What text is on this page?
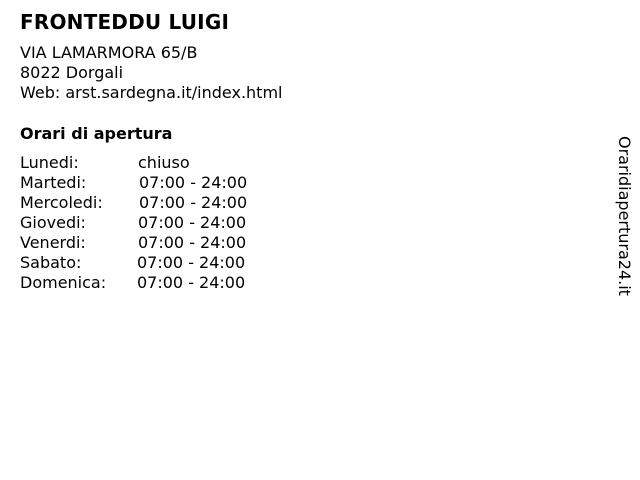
FRONTEDDU LUIGI
VIA LAMARMORA 65/B
8022 Dorgali
Web: arst.sardegna.it/index.html
Orari di apertura
Lunedi:	chiuso
Martedi:	07:00 - 24:00
Mercoledi: 07:00 - 24:00
Giovedi:	07:00 - 24:00
Venerdi:	07:00 - 24:00
Sabato:	07:00 - 24:00
Domenica: 07:00 - 24:00	Oraridiapertura24.it
